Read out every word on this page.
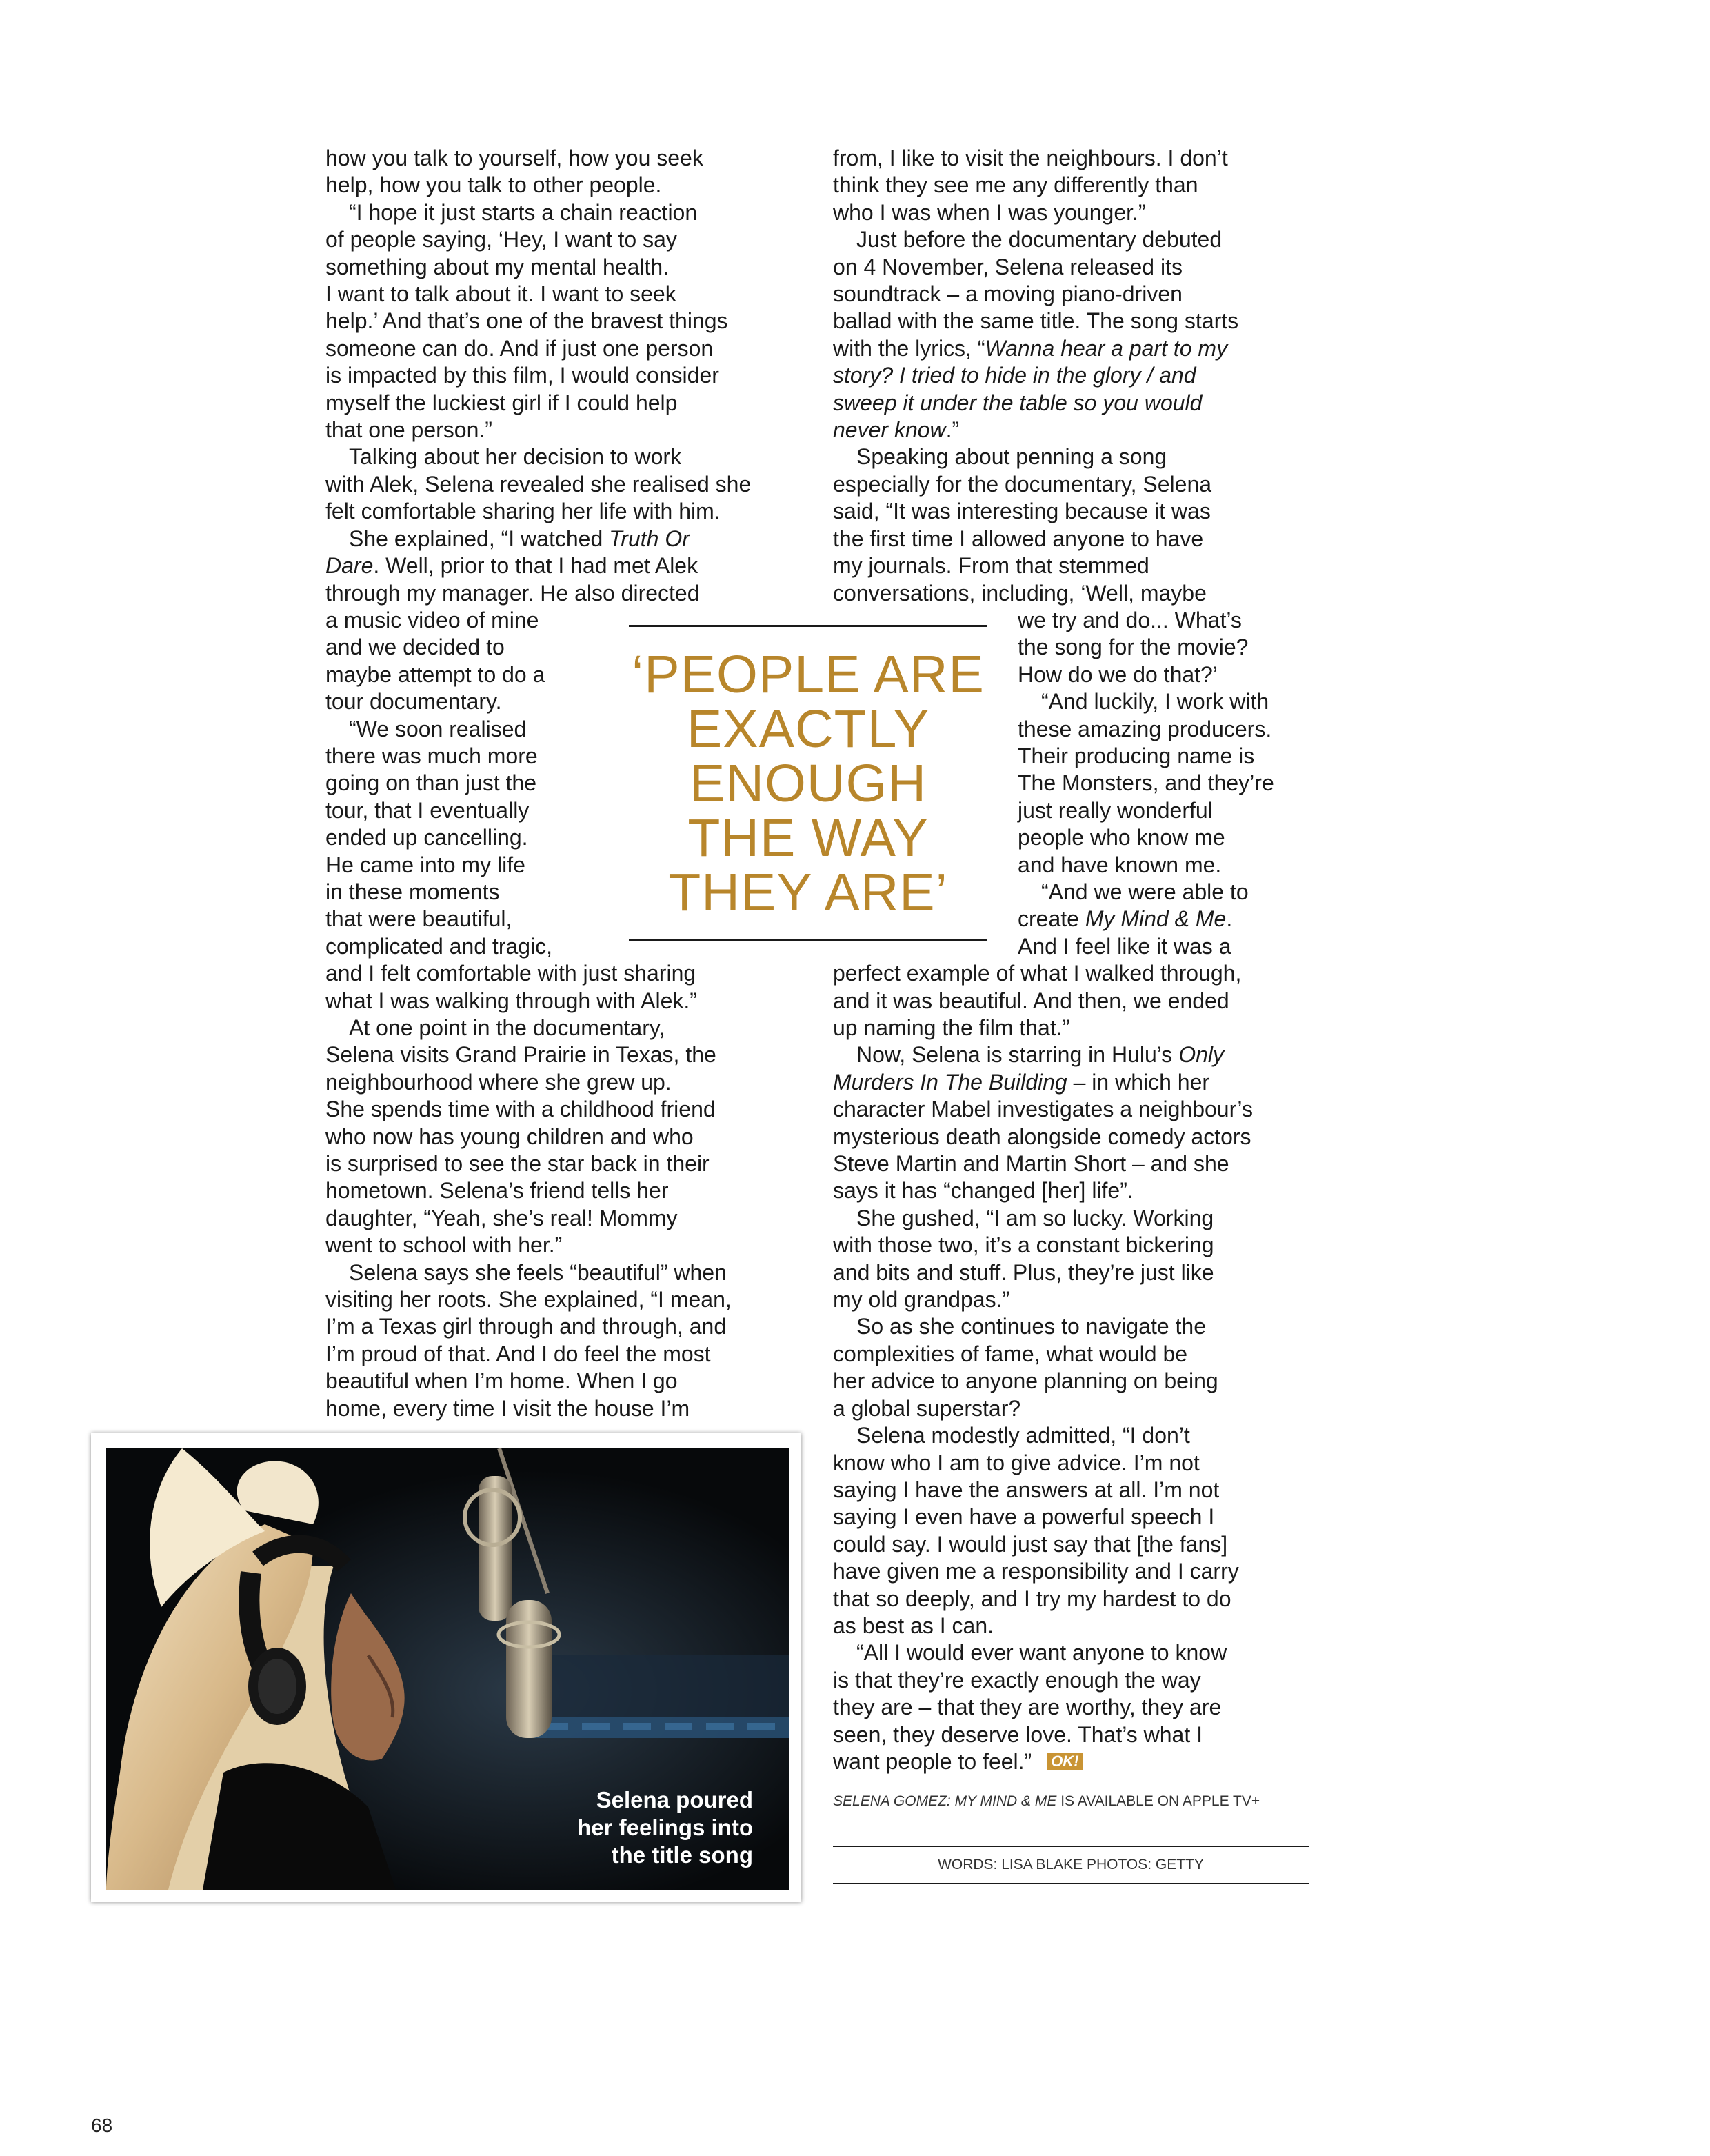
how you talk to yourself, how you seek

help, how you talk to other people.

“I hope it just starts a chain reaction

of people saying, ‘Hey, I want to say

something about my mental health.

I want to talk about it. I want to seek

help.’ And that’s one of the bravest things

someone can do. And if just one person

is impacted by this film, I would consider

myself the luckiest girl if I could help

that one person.”

Talking about her decision to work

with Alek, Selena revealed she realised she

felt comfortable sharing her life with him.

She explained, “I watched Truth Or

Dare. Well, prior to that I had met Alek

through my manager. He also directed

a music video of mine

and we decided to

maybe attempt to do a

tour documentary.

“We soon realised

there was much more

going on than just the

tour, that I eventually

ended up cancelling.

He came into my life

in these moments

that were beautiful,

complicated and tragic,

and I felt comfortable with just sharing

what I was walking through with Alek.”

At one point in the documentary,

Selena visits Grand Prairie in Texas, the

neighbourhood where she grew up.

She spends time with a childhood friend

who now has young children and who

is surprised to see the star back in their

hometown. Selena’s friend tells her

daughter, “Yeah, she’s real! Mommy

went to school with her.”

Selena says she feels “beautiful” when

visiting her roots. She explained, “I mean,

I’m a Texas girl through and through, and

I’m proud of that. And I do feel the most

beautiful when I’m home. When I go

home, every time I visit the house I’m

from, I like to visit the neighbours. I don’t

think they see me any differently than

who I was when I was younger.”

Just before the documentary debuted

on 4 November, Selena released its

soundtrack – a moving piano-driven

ballad with the same title. The song starts

with the lyrics, “Wanna hear a part to my

story? I tried to hide in the glory / and

sweep it under the table so you would

never know.”

Speaking about penning a song

especially for the documentary, Selena

said, “It was interesting because it was

the first time I allowed anyone to have

my journals. From that stemmed

conversations, including, ‘Well, maybe

we try and do... What’s

the song for the movie?

How do we do that?’

“And luckily, I work with

these amazing producers.

Their producing name is

The Monsters, and they’re

just really wonderful

people who know me

and have known me.

“And we were able to

create My Mind & Me.

And I feel like it was a

perfect example of what I walked through,

and it was beautiful. And then, we ended

up naming the film that.”

Now, Selena is starring in Hulu’s Only

Murders In The Building – in which her

character Mabel investigates a neighbour’s

mysterious death alongside comedy actors

Steve Martin and Martin Short – and she

says it has “changed [her] life”.

She gushed, “I am so lucky. Working

with those two, it’s a constant bickering

and bits and stuff. Plus, they’re just like

my old grandpas.”

So as she continues to navigate the

complexities of fame, what would be

her advice to anyone planning on being

a global superstar?

Selena modestly admitted, “I don’t

know who I am to give advice. I’m not

saying I have the answers at all. I’m not

saying I even have a powerful speech I

could say. I would just say that [the fans]

have given me a responsibility and I carry

that so deeply, and I try my hardest to do

as best as I can.

“All I would ever want anyone to know

is that they’re exactly enough the way

they are – that they are worthy, they are

seen, they deserve love. That’s what I

want people to feel.” OK!

‘PEOPLE ARE
EXACTLY
ENOUGH
THE WAY
THEY ARE’
Selena poured
her feelings into
the title song
SELENA GOMEZ: MY MIND & ME IS AVAILABLE ON APPLE TV+
WORDS: LISA BLAKE PHOTOS: GETTY
68
